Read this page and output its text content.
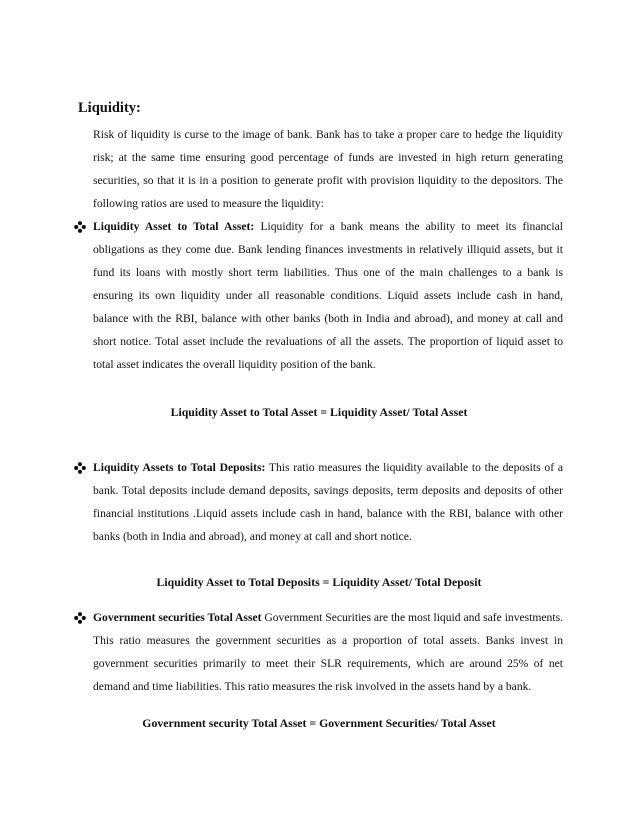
Liquidity:

Risk of liquidity is curse to the image of bank. Bank has to take a proper care to hedge the liquidity risk; at the same time ensuring good percentage of funds are invested in high return generating securities, so that it is in a position to generate profit with provision liquidity to the depositors. The following ratios are used to measure the liquidity:

Liquidity Asset to Total Asset: Liquidity for a bank means the ability to meet its financial obligations as they come due. Bank lending finances investments in relatively illiquid assets, but it fund its loans with mostly short term liabilities. Thus one of the main challenges to a bank is ensuring its own liquidity under all reasonable conditions. Liquid assets include cash in hand, balance with the RBI, balance with other banks (both in India and abroad), and money at call and short notice. Total asset include the revaluations of all the assets. The proportion of liquid asset to total asset indicates the overall liquidity position of the bank.

Liquidity Asset to Total Asset = Liquidity Asset/ Total Asset

Liquidity Assets to Total Deposits: This ratio measures the liquidity available to the deposits of a bank. Total deposits include demand deposits, savings deposits, term deposits and deposits of other financial institutions .Liquid assets include cash in hand, balance with the RBI, balance with other banks (both in India and abroad), and money at call and short notice.

Liquidity Asset to Total Deposits = Liquidity Asset/ Total Deposit

Government securities Total Asset Government Securities are the most liquid and safe investments. This ratio measures the government securities as a proportion of total assets. Banks invest in government securities primarily to meet their SLR requirements, which are around 25% of net demand and time liabilities. This ratio measures the risk involved in the assets hand by a bank.

Government security Total Asset = Government Securities/ Total Asset
